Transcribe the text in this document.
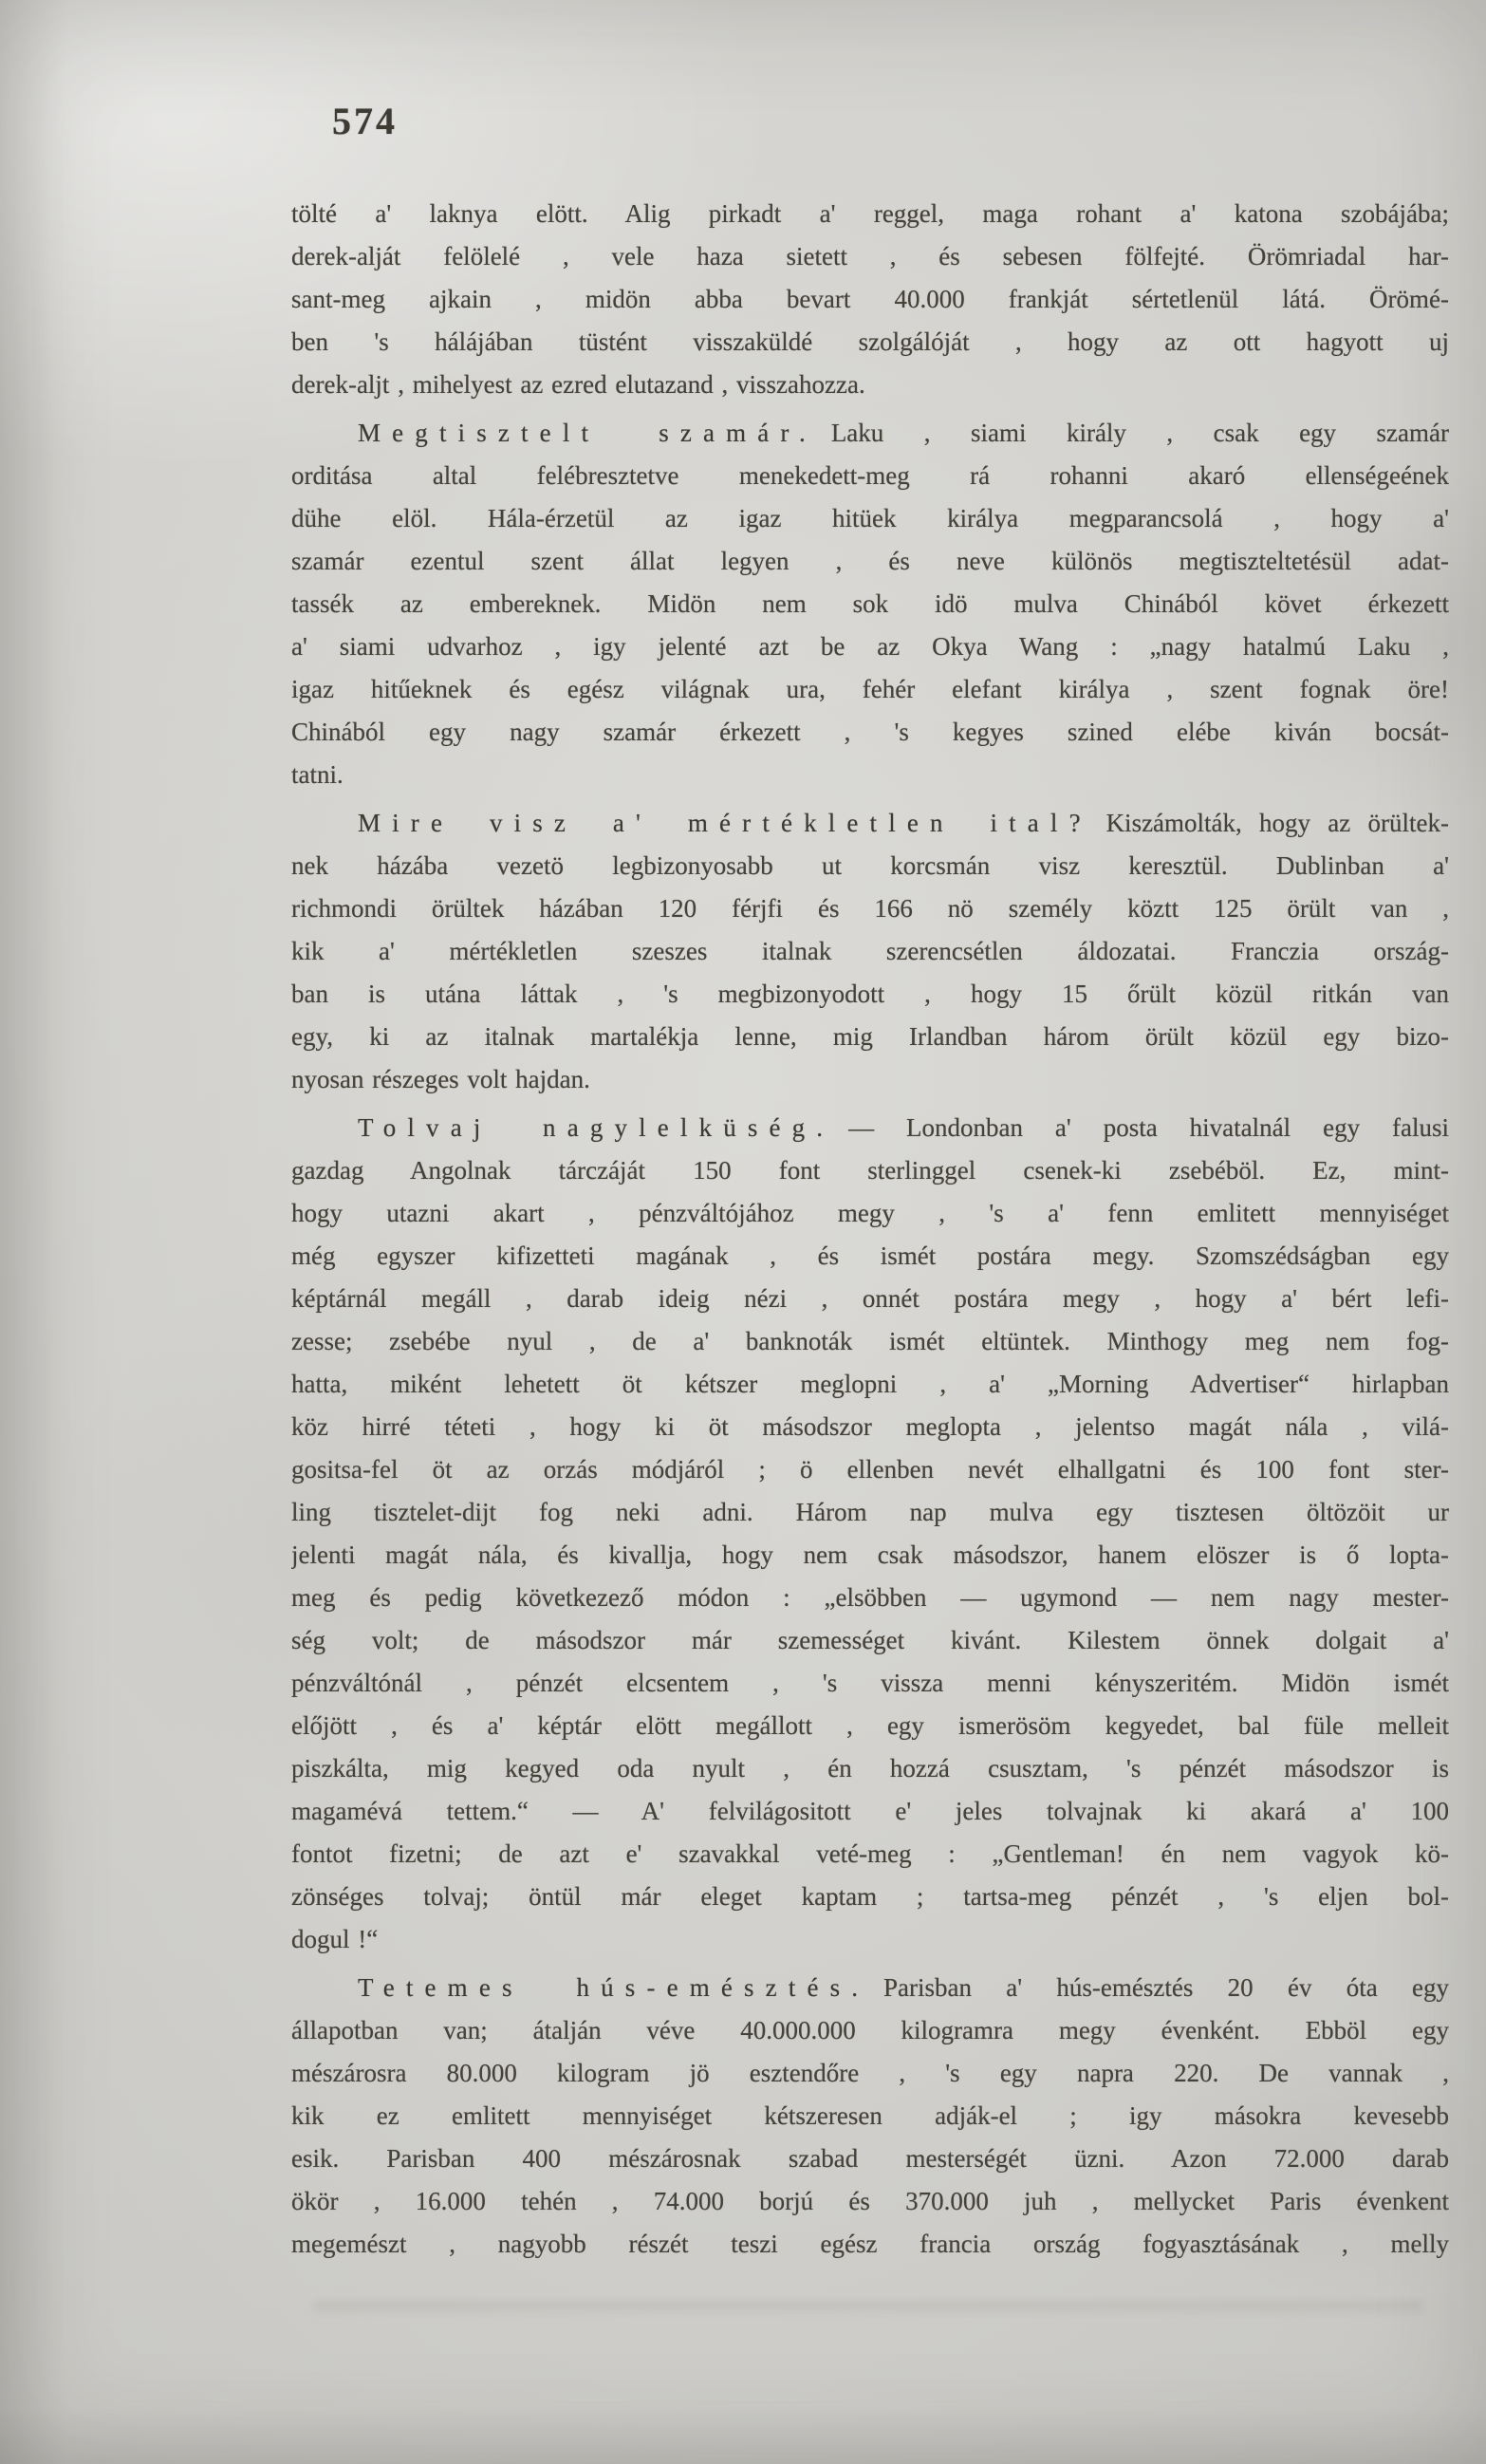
574
tölté a' laknya elött. Alig pirkadt a' reggel, maga rohant a' katona szobájába;
derek-alját felölelé , vele haza sietett , és sebesen fölfejté. Örömriadal har-
sant-meg ajkain , midön abba bevart 40.000 frankját sértetlenül látá. Örömé-
ben 's hálájában tüstént visszaküldé szolgálóját , hogy az ott hagyott uj
derek-aljt , mihelyest az ezred elutazand , visszahozza.
Megtisztelt szamár. Laku , siami király , csak egy szamár
orditása altal felébresztetve menekedett-meg rá rohanni akaró ellenségeének
dühe elöl. Hála-érzetül az igaz hitüek királya megparancsolá , hogy a'
szamár ezentul szent állat legyen , és neve különös megtiszteltetésül adat-
tassék az embereknek. Midön nem sok idö mulva Chinából követ érkezett
a' siami udvarhoz , igy jelenté azt be az Okya Wang : „nagy hatalmú Laku ,
igaz hitűeknek és egész világnak ura, fehér elefant királya , szent fognak öre!
Chinából egy nagy szamár érkezett , 's kegyes szined elébe kiván bocsát-
tatni.
Mire visz a' mértékletlen ital? Kiszámolták, hogy az örültek-
nek házába vezetö legbizonyosabb ut korcsmán visz keresztül. Dublinban a'
richmondi örültek házában 120 férjfi és 166 nö személy köztt 125 örült van ,
kik a' mértékletlen szeszes italnak szerencsétlen áldozatai. Franczia ország-
ban is utána láttak , 's megbizonyodott , hogy 15 őrült közül ritkán van
egy, ki az italnak martalékja lenne, mig Irlandban három örült közül egy bizo-
nyosan részeges volt hajdan.
Tolvaj nagylelküség. — Londonban a' posta hivatalnál egy falusi
gazdag Angolnak tárczáját 150 font sterlinggel csenek-ki zsebéböl. Ez, mint-
hogy utazni akart , pénzváltójához megy , 's a' fenn emlitett mennyiséget
még egyszer kifizetteti magának , és ismét postára megy. Szomszédságban egy
képtárnál megáll , darab ideig nézi , onnét postára megy , hogy a' bért lefi-
zesse; zsebébe nyul , de a' banknoták ismét eltüntek. Minthogy meg nem fog-
hatta, miként lehetett öt kétszer meglopni , a' „Morning Advertiser“ hirlapban
köz hirré téteti , hogy ki öt másodszor meglopta , jelentso magát nála , vilá-
gositsa-fel öt az orzás módjáról ; ö ellenben nevét elhallgatni és 100 font ster-
ling tisztelet-dijt fog neki adni. Három nap mulva egy tisztesen öltözöit ur
jelenti magát nála, és kivallja, hogy nem csak másodszor, hanem elöszer is ő lopta-
meg és pedig következező módon : „elsöbben — ugymond — nem nagy mester-
ség volt; de másodszor már szemességet kivánt. Kilestem önnek dolgait a'
pénzváltónál , pénzét elcsentem , 's vissza menni kényszeritém. Midön ismét
előjött , és a' képtár elött megállott , egy ismerösöm kegyedet, bal füle melleit
piszkálta, mig kegyed oda nyult , én hozzá csusztam, 's pénzét másodszor is
magamévá tettem.“ — A' felvilágositott e' jeles tolvajnak ki akará a' 100
fontot fizetni; de azt e' szavakkal veté-meg : „Gentleman! én nem vagyok kö-
zönséges tolvaj; öntül már eleget kaptam ; tartsa-meg pénzét , 's eljen bol-
dogul !“
Tetemes hús-emésztés. Parisban a' hús-emésztés 20 év óta egy
állapotban van; átalján véve 40.000.000 kilogramra megy évenként. Ebböl egy
mészárosra 80.000 kilogram jö esztendőre , 's egy napra 220. De vannak ,
kik ez emlitett mennyiséget kétszeresen adják-el ; igy másokra kevesebb
esik. Parisban 400 mészárosnak szabad mesterségét üzni. Azon 72.000 darab
ökör , 16.000 tehén , 74.000 borjú és 370.000 juh , mellycket Paris évenkent
megemészt , nagyobb részét teszi egész francia ország fogyasztásának , melly
